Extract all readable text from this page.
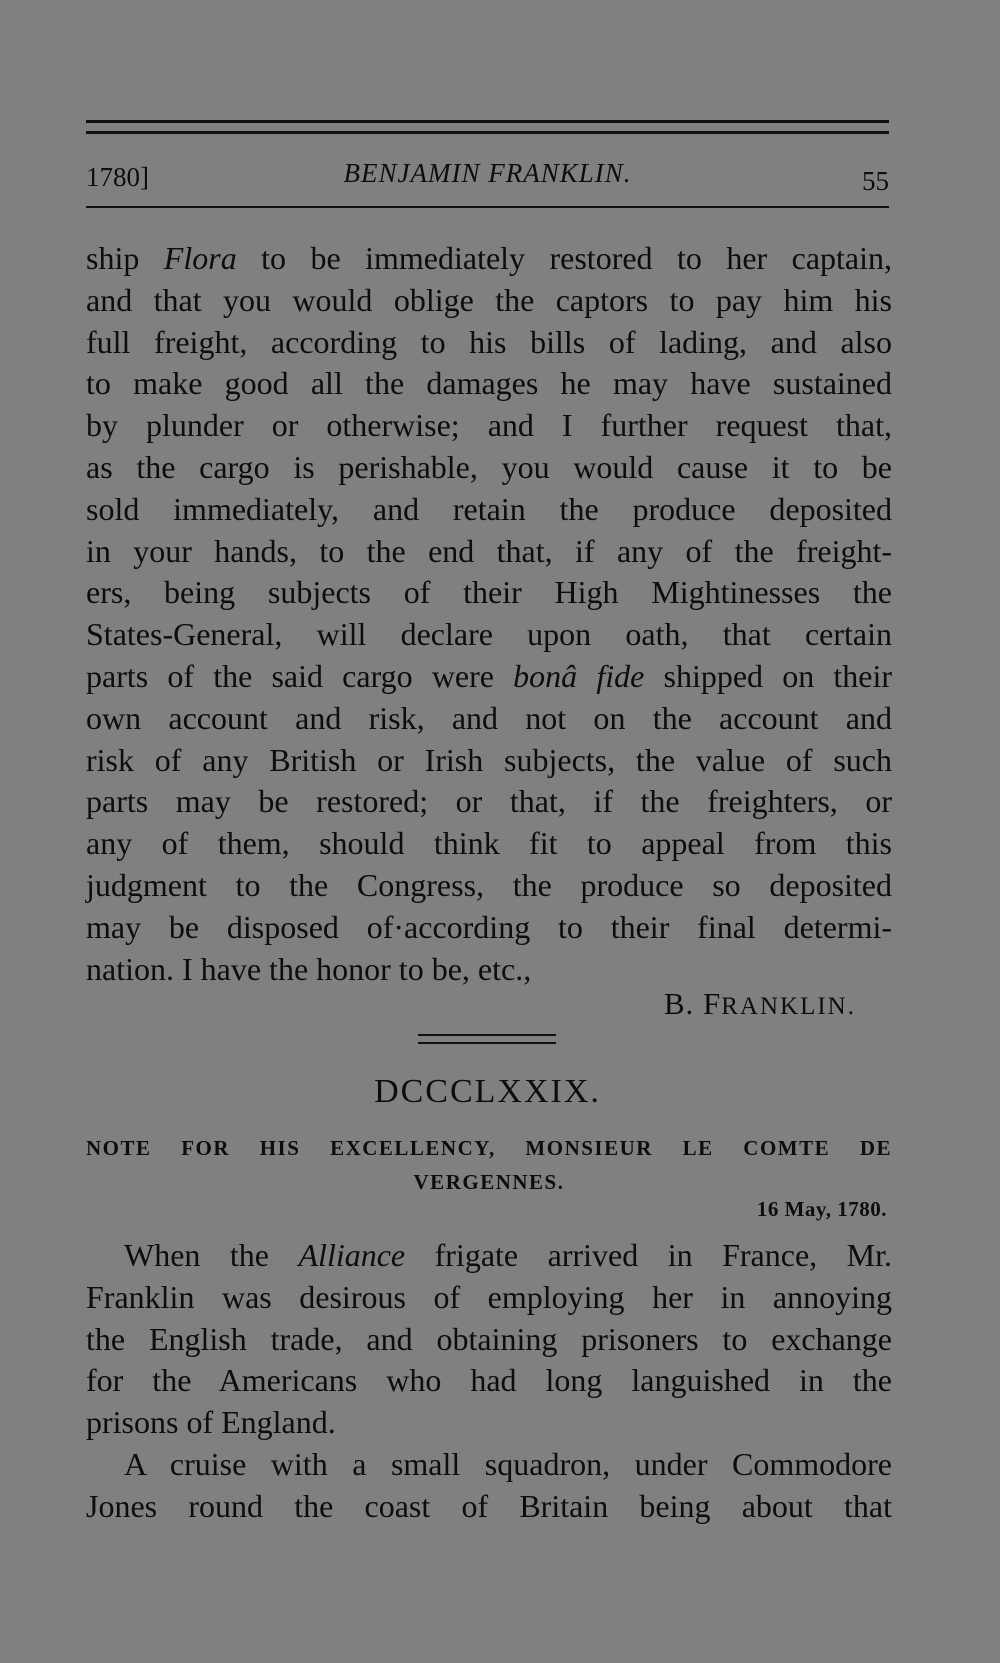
1780]	BENJAMIN FRANKLIN.	55
ship Flora to be immediately restored to her captain,
and that you would oblige the captors to pay him his
full freight, according to his bills of lading, and also
to make good all the damages he may have sustained
by plunder or otherwise; and I further request that,
as the cargo is perishable, you would cause it to be
sold immediately, and retain the produce deposited
in your hands, to the end that, if any of the freight-
ers, being subjects of their High Mightinesses the
States-General, will declare upon oath, that certain
parts of the said cargo were bonâ fide shipped on their
own account and risk, and not on the account and
risk of any British or Irish subjects, the value of such
parts may be restored; or that, if the freighters, or
any of them, should think fit to appeal from this
judgment to the Congress, the produce so deposited
may be disposed of·according to their final determi-
nation. I have the honor to be, etc.,
B. FRANKLIN.
DCCCLXXIX.
NOTE FOR HIS EXCELLENCY, MONSIEUR LE COMTE DE
VERGENNES.
16 May, 1780.
When the Alliance frigate arrived in France, Mr.
Franklin was desirous of employing her in annoying
the English trade, and obtaining prisoners to exchange
for the Americans who had long languished in the
prisons of England.
A cruise with a small squadron, under Commodore
Jones round the coast of Britain being about that
